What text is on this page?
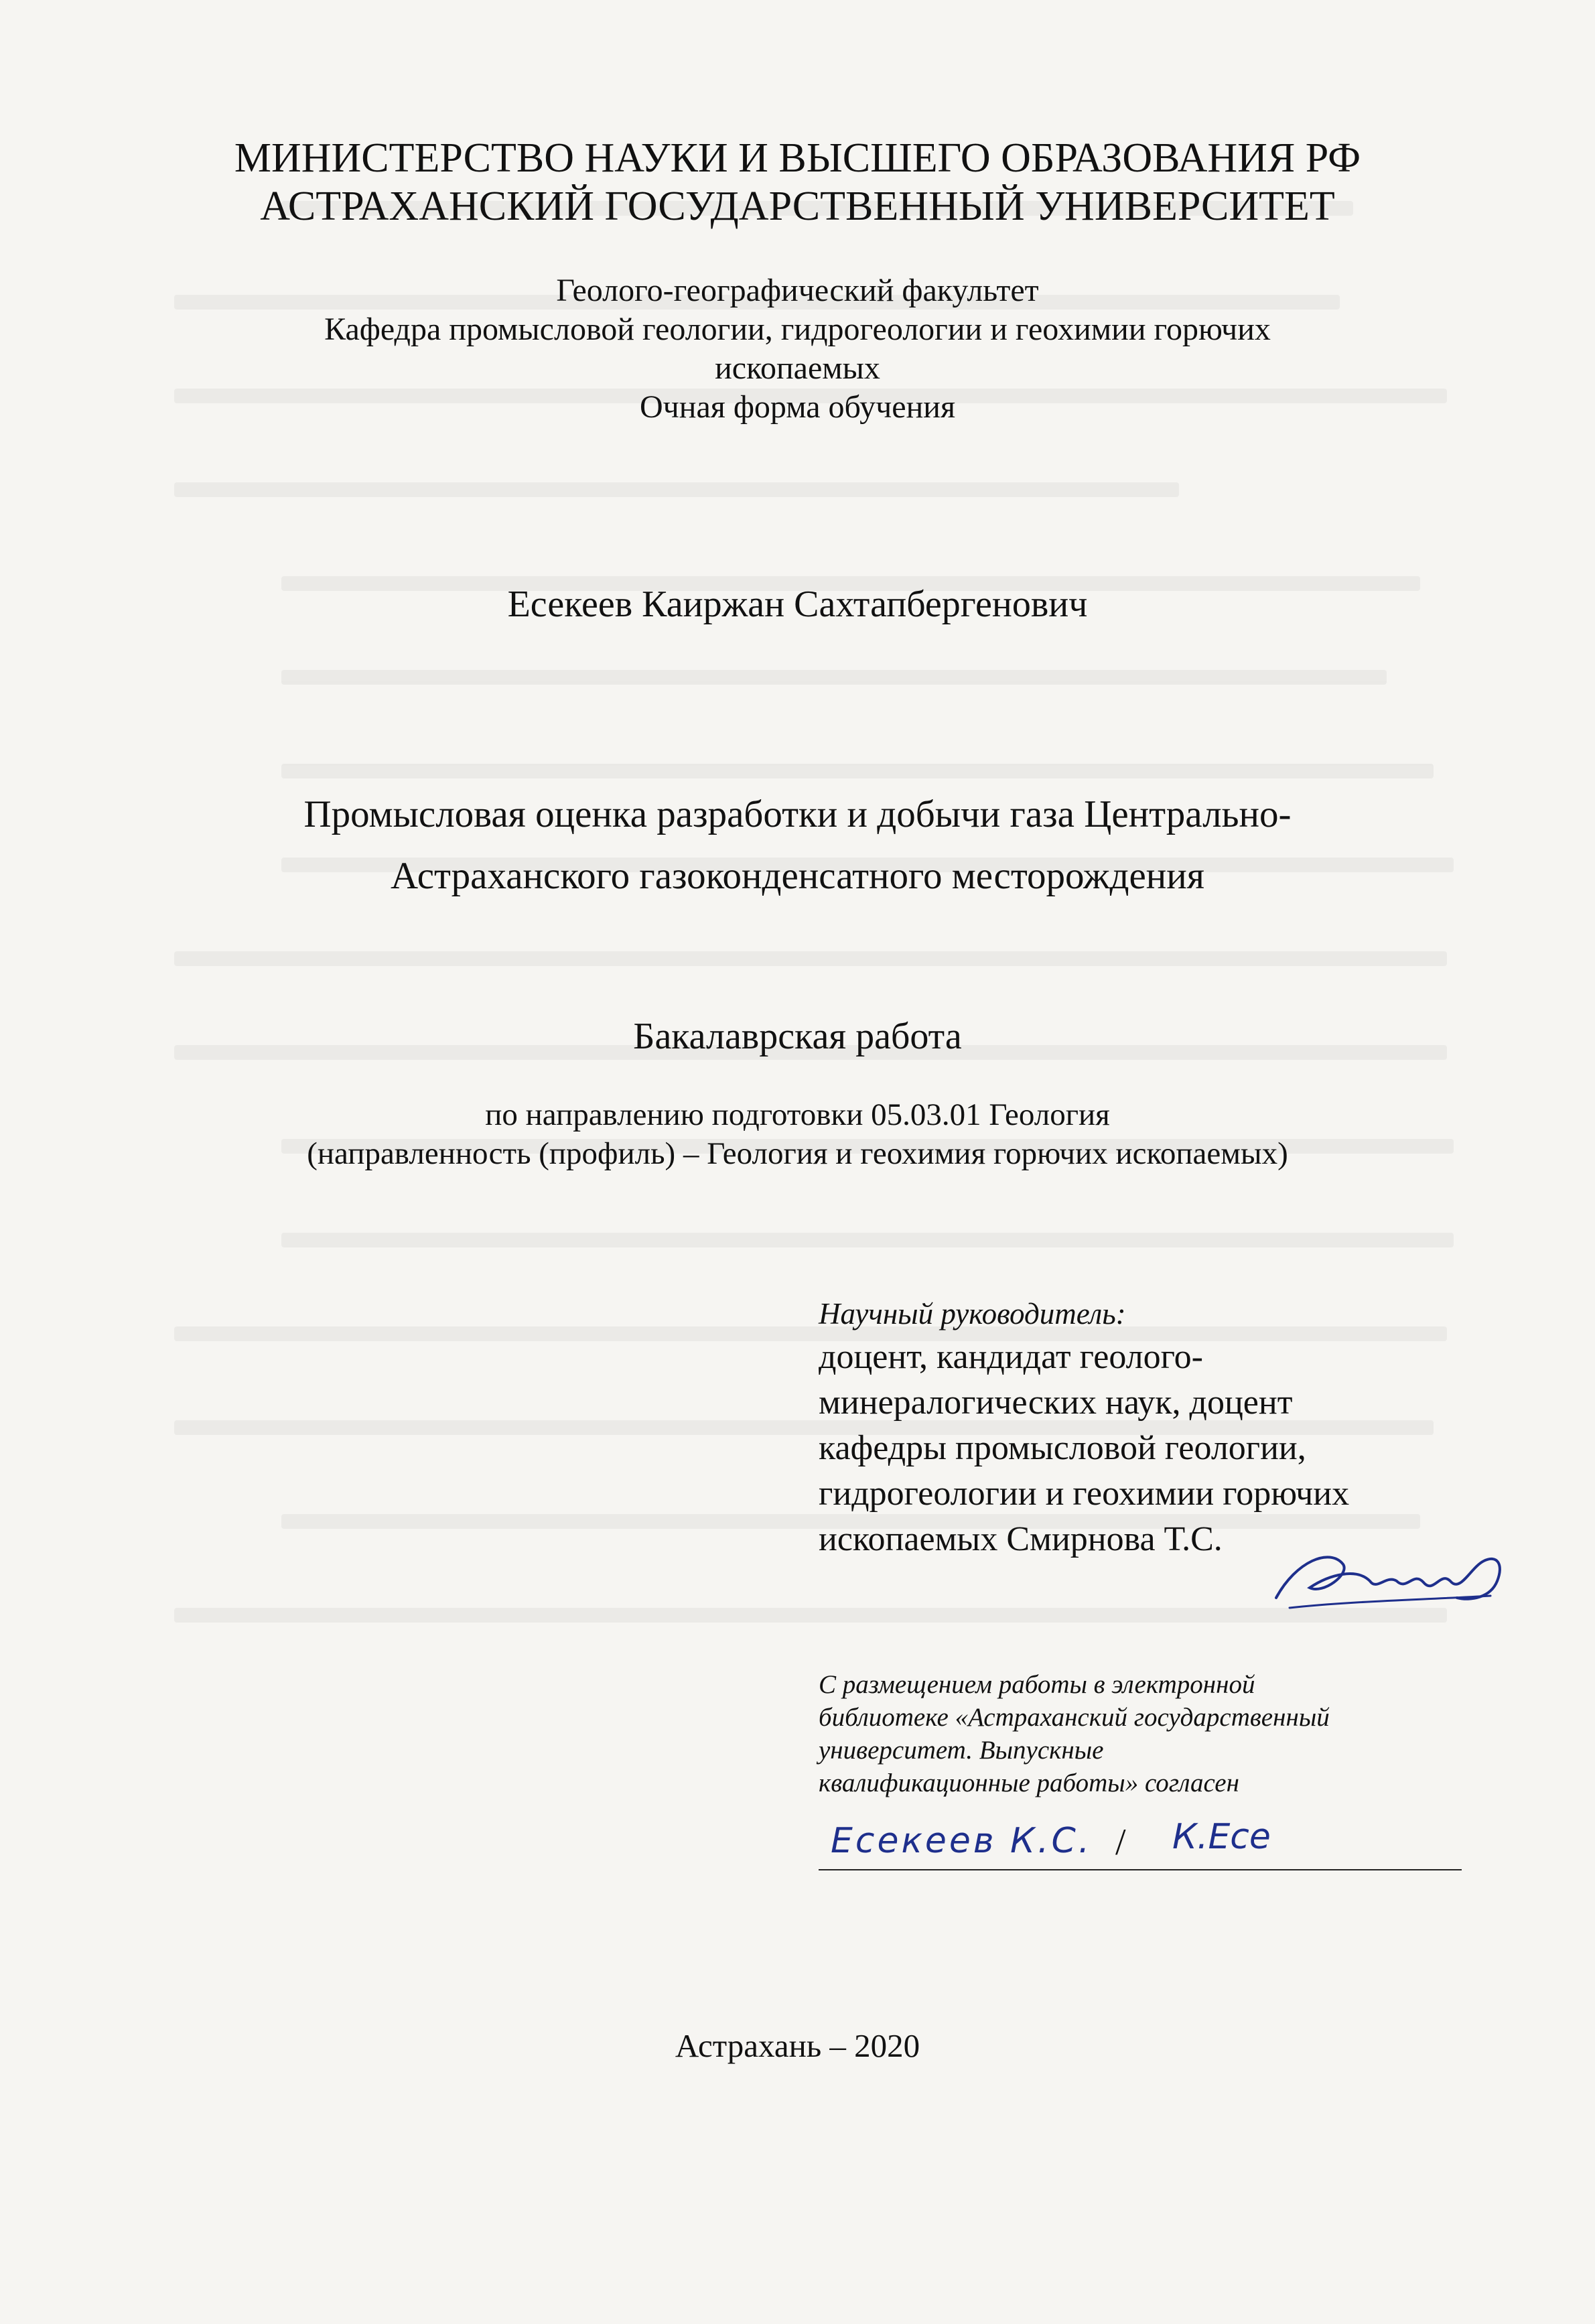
МИНИСТЕРСТВО НАУКИ И ВЫСШЕГО ОБРАЗОВАНИЯ РФ
АСТРАХАНСКИЙ ГОСУДАРСТВЕННЫЙ УНИВЕРСИТЕТ
Геолого-географический факультет
Кафедра промысловой геологии, гидрогеологии и геохимии горючих
ископаемых
Очная форма обучения
Есекеев Каиржан Сахтапбергенович
Промысловая оценка разработки и добычи газа Центрально-
Астраханского газоконденсатного месторождения
Бакалаврская работа
по направлению подготовки 05.03.01 Геология
(направленность (профиль) – Геология и геохимия горючих ископаемых)
Научный руководитель:
доцент, кандидат геолого-
минералогических наук, доцент
кафедры промысловой геологии,
гидрогеологии и геохимии горючих
ископаемых Смирнова Т.С.
С размещением работы в электронной
библиотеке «Астраханский государственный
университет. Выпускные
квалификационные работы» согласен
Есекеев К.С. / К.Есе
Астрахань – 2020
